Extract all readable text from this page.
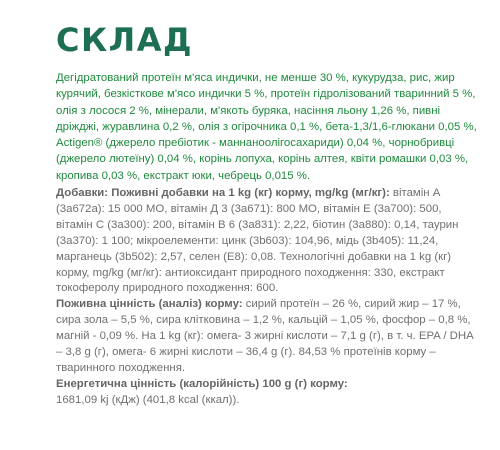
СКЛАД

Дегідратований протеїн м'яса индички, не менше 30 %, кукурудза, рис, жир курячий, безкісткове м'ясо индички 5 %, протеїн гідролізований тваринний 5 %, олія з лосося 2 %, мінерали, м'якоть буряка, насіння льону 1,26 %, пивні дріжджі, журавлина 0,2 %, олія з огірочника 0,1 %, бета-1,3/1,6-глюкани 0,05 %, Actigen® (джерело пребіотик - маннаноолігосахариди) 0,04 %, чорнобривці (джерело лютеїну) 0,04 %, корінь лопуха, корінь алтея, квіти ромашки 0,03 %, кропива 0,03 %, екстракт юки, чебрець 0,015 %.

Добавки: Поживні добавки на 1 kg (кг) корму, mg/kg (мг/кг): вітамін A (3a672a): 15 000 МО, вітамін Д 3 (3a671): 800 МО, вітамін E (3a700): 500, вітамін C (3a300): 200, вітамін В 6 (3a831): 2,22, біотин (3a880): 0,14, таурин (3a370): 1 100; мікроелементи: цинк (3b603): 104,96, мідь (3b405): 11,24, марганець (3b502): 2,57, селен (E8): 0,08. Технологічні добавки на 1 kg (кг) корму, mg/kg (мг/кг): антиоксидант природного походження: 330, екстракт токоферолу природного походження: 600.

Поживна цінність (аналіз) корму: сирий протеїн – 26 %, сирий жир – 17 %, сира зола – 5,5 %, сира клітковина – 1,2 %, кальцій – 1,05 %, фосфор – 0,8 %, магній - 0,09 %. На 1 kg (кг): омега- 3 жирні кислоти – 7,1 g (г), в т. ч. EPA / DHA – 3,8 g (г), омега- 6 жирні кислоти – 36,4 g (г). 84,53 % протеїнів корму – тваринного походження.

Енергетична цінність (калорійність) 100 g (г) корму:

1681,09 kj (кДж) (401,8 kcal (ккал)).
